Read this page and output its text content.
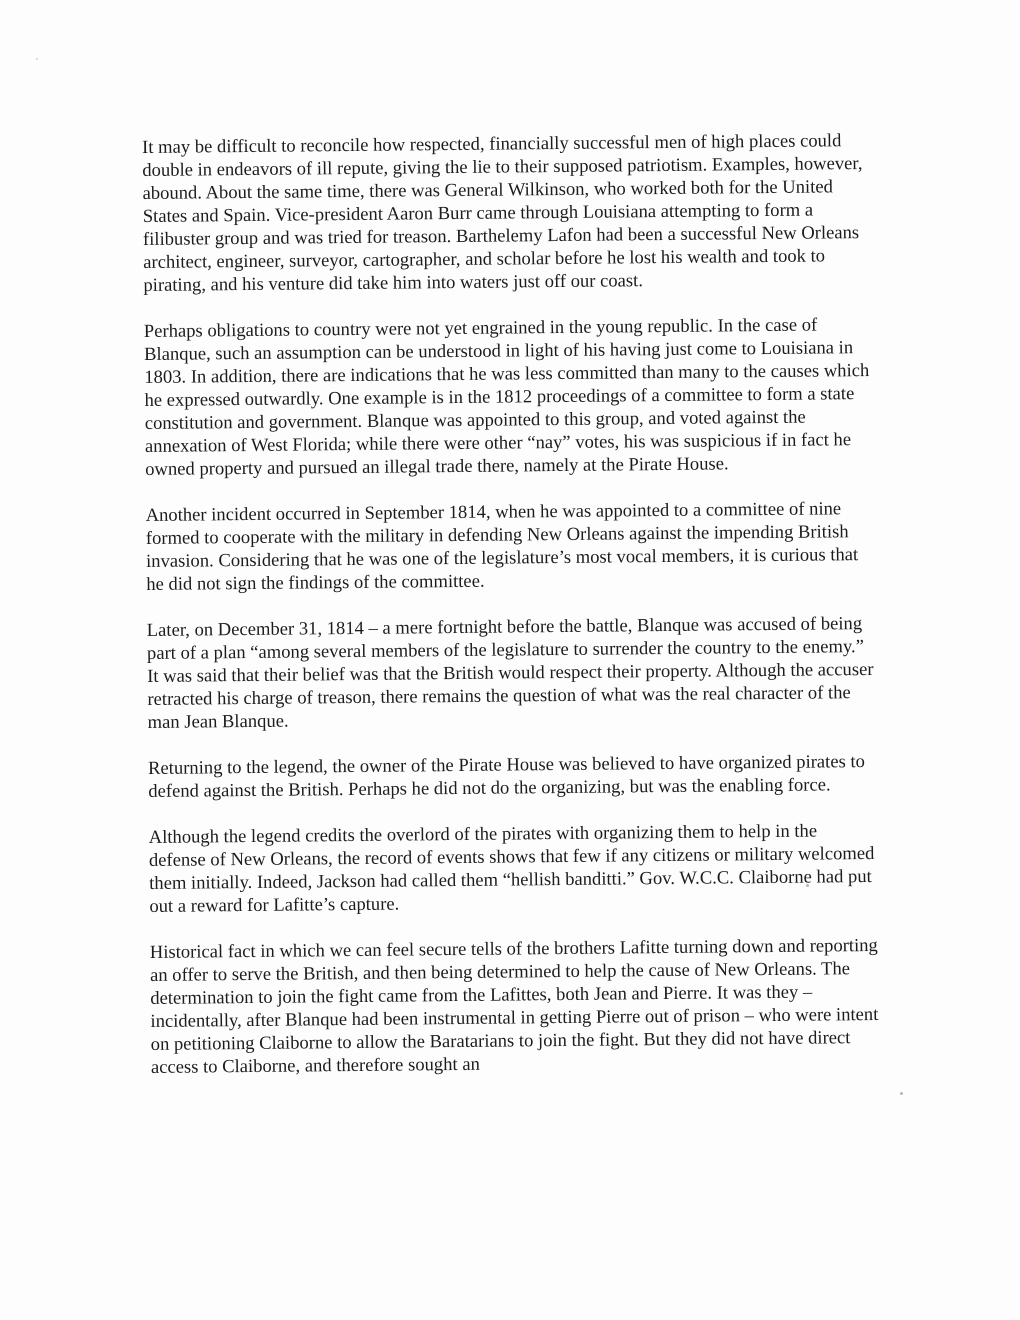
It may be difficult to reconcile how respected, financially successful men of high places could double in endeavors of ill repute, giving the lie to their supposed patriotism. Examples, however, abound. About the same time, there was General Wilkinson, who worked both for the United States and Spain. Vice-president Aaron Burr came through Louisiana attempting to form a filibuster group and was tried for treason. Barthelemy Lafon had been a successful New Orleans architect, engineer, surveyor, cartographer, and scholar before he lost his wealth and took to pirating, and his venture did take him into waters just off our coast.

Perhaps obligations to country were not yet engrained in the young republic. In the case of Blanque, such an assumption can be understood in light of his having just come to Louisiana in 1803. In addition, there are indications that he was less committed than many to the causes which he expressed outwardly. One example is in the 1812 proceedings of a committee to form a state constitution and government. Blanque was appointed to this group, and voted against the annexation of West Florida; while there were other “nay” votes, his was suspicious if in fact he owned property and pursued an illegal trade there, namely at the Pirate House.

Another incident occurred in September 1814, when he was appointed to a committee of nine formed to cooperate with the military in defending New Orleans against the impending British invasion. Considering that he was one of the legislature’s most vocal members, it is curious that he did not sign the findings of the committee.

Later, on December 31, 1814 – a mere fortnight before the battle, Blanque was accused of being part of a plan “among several members of the legislature to surrender the country to the enemy.” It was said that their belief was that the British would respect their property. Although the accuser retracted his charge of treason, there remains the question of what was the real character of the man Jean Blanque.

Returning to the legend, the owner of the Pirate House was believed to have organized pirates to defend against the British. Perhaps he did not do the organizing, but was the enabling force.

Although the legend credits the overlord of the pirates with organizing them to help in the defense of New Orleans, the record of events shows that few if any citizens or military welcomed them initially. Indeed, Jackson had called them “hellish banditti.” Gov. W.C.C. Claiborne had put out a reward for Lafitte’s capture.

Historical fact in which we can feel secure tells of the brothers Lafitte turning down and reporting an offer to serve the British, and then being determined to help the cause of New Orleans. The determination to join the fight came from the Lafittes, both Jean and Pierre. It was they – incidentally, after Blanque had been instrumental in getting Pierre out of prison – who were intent on petitioning Claiborne to allow the Baratarians to join the fight. But they did not have direct access to Claiborne, and therefore sought an
